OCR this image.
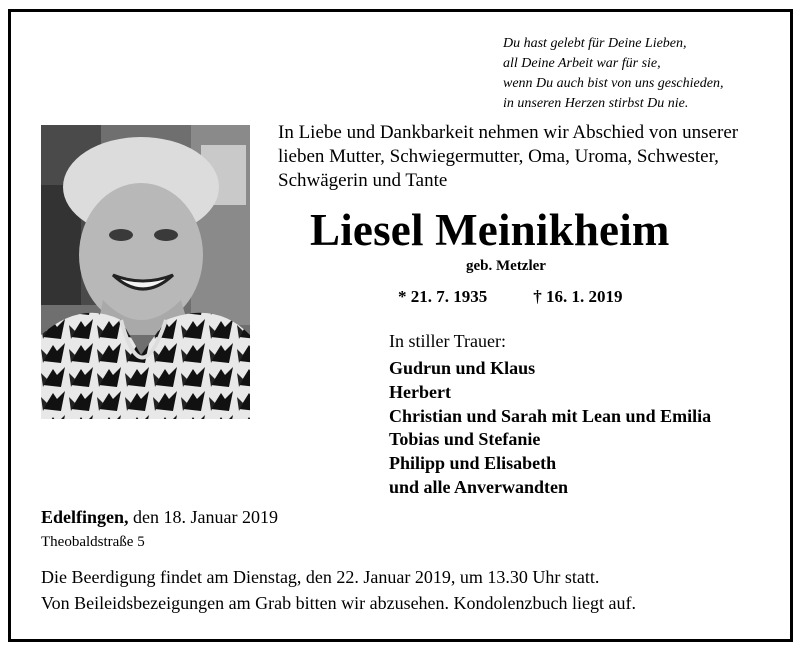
Du hast gelebt für Deine Lieben,
all Deine Arbeit war für sie,
wenn Du auch bist von uns geschieden,
in unseren Herzen stirbst Du nie.
In Liebe und Dankbarkeit nehmen wir Abschied von unserer
lieben Mutter, Schwiegermutter, Oma, Uroma, Schwester,
Schwägerin und Tante
Liesel Meinikheim
geb. Metzler
* 21. 7. 1935	† 16. 1. 2019
In stiller Trauer:
Gudrun und Klaus
Herbert
Christian und Sarah mit Lean und Emilia
Tobias und Stefanie
Philipp und Elisabeth
und alle Anverwandten
Edelfingen, den 18. Januar 2019
Theobaldstraße 5
Die Beerdigung findet am Dienstag, den 22. Januar 2019, um 13.30 Uhr statt.
Von Beileidsbezeigungen am Grab bitten wir abzusehen. Kondolenzbuch liegt auf.
